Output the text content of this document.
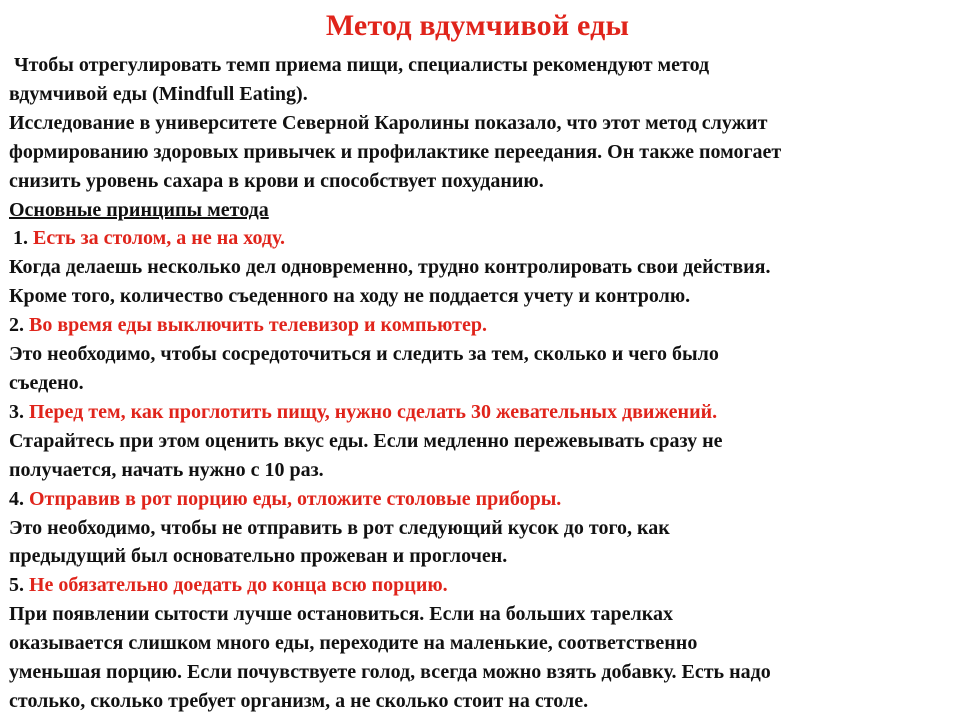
Метод вдумчивой еды
Чтобы отрегулировать темп приема пищи, специалисты рекомендуют метод
вдумчивой еды (Mindfull Eating).
Исследование в университете Северной Каролины показало, что этот метод служит
формированию здоровых привычек и профилактике переедания. Он также помогает
снизить уровень сахара в крови и способствует похуданию.
Основные принципы метода
1. Есть за столом, а не на ходу.
Когда делаешь несколько дел одновременно, трудно контролировать свои действия.
Кроме того, количество съеденного на ходу не поддается учету и контролю.
2. Во время еды выключить телевизор и компьютер.
Это необходимо, чтобы сосредоточиться и следить за тем, сколько и чего было
съедено.
3. Перед тем, как проглотить пищу, нужно сделать 30 жевательных движений.
Старайтесь при этом оценить вкус еды. Если медленно пережевывать сразу не
получается, начать нужно с 10 раз.
4. Отправив в рот порцию еды, отложите столовые приборы.
Это необходимо, чтобы не отправить в рот следующий кусок до того, как
предыдущий был основательно прожеван и проглочен.
5. Не обязательно доедать до конца всю порцию.
При появлении сытости лучше остановиться. Если на больших тарелках
оказывается слишком много еды, переходите на маленькие, соответственно
уменьшая порцию. Если почувствуете голод, всегда можно взять добавку. Есть надо
столько, сколько требует организм, а не сколько стоит на столе.
